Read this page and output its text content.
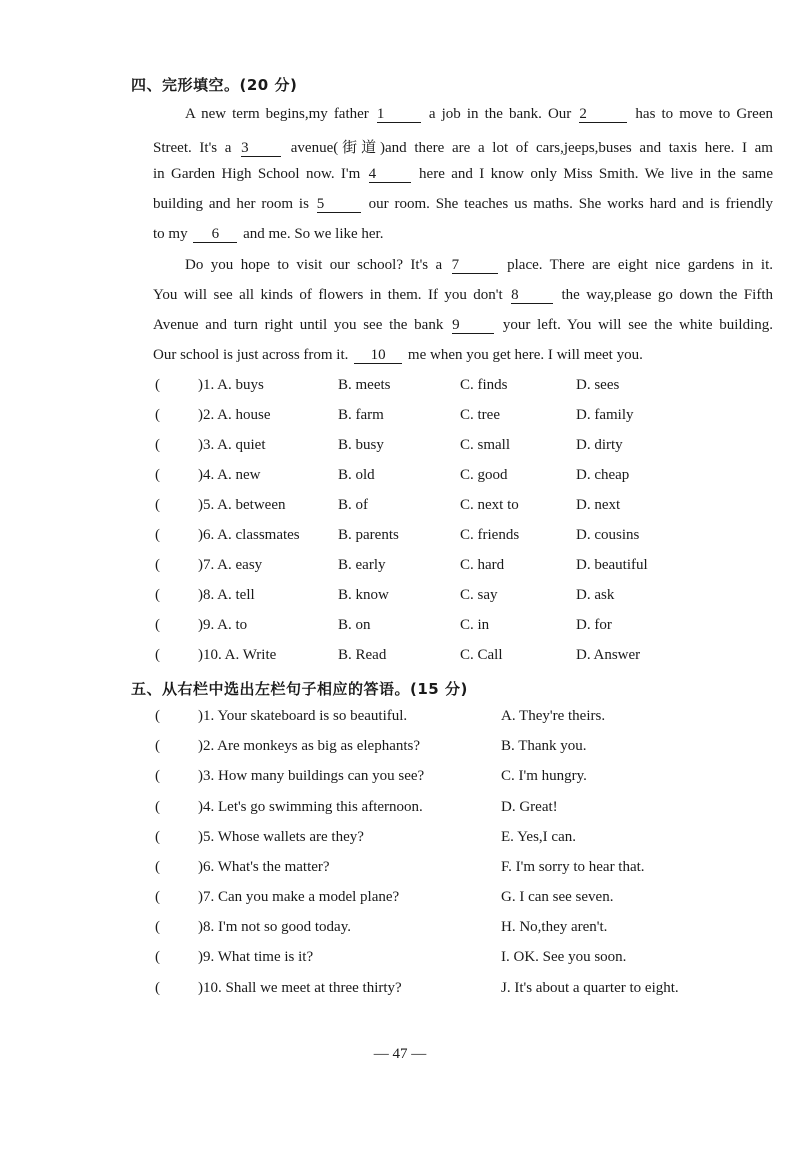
四、完形填空。(20 分)
A new term begins,my father 1	a job in the bank. Our 2	has to move to Green
Street. It's a 3 avenue(街道)and there are a lot of cars,jeeps,buses and taxis here. I am
in Garden High School now. I'm 4 here and I know only Miss Smith. We live in the same
building and her room is 5	our room. She teaches us maths. She works hard and is friendly
to my 6 and me. So we like her.
Do you hope to visit our school? It's a 7	place. There are eight nice gardens in it.
You will see all kinds of flowers in them. If you don't 8 the way,please go down the Fifth
Avenue and turn right until you see the bank 9 your left. You will see the white building.
Our school is just across from it. 10 me when you get here. I will meet you.
(	)1. A. buys	B. meets	C. finds	D. sees
(	)2. A. house	B. farm	C. tree	D. family
(	)3. A. quiet	B. busy	C. small	D. dirty
(	)4. A. new	B. old	C. good	D. cheap
(	)5. A. between	B. of	C. next to	D. next
(	)6. A. classmates	B. parents	C. friends	D. cousins
(	)7. A. easy	B. early	C. hard	D. beautiful
(	)8. A. tell	B. know	C. say	D. ask
(	)9. A. to	B. on	C. in	D. for
(	)10. A. Write	B. Read	C. Call	D. Answer
五、从右栏中选出左栏句子相应的答语。(15 分)
(	)1. Your skateboard is so beautiful.	A. They're theirs.
(	)2. Are monkeys as big as elephants?	B. Thank you.
(	)3. How many buildings can you see?	C. I'm hungry.
(	)4. Let's go swimming this afternoon.	D. Great!
(	)5. Whose wallets are they?	E. Yes,I can.
(	)6. What's the matter?	F. I'm sorry to hear that.
(	)7. Can you make a model plane?	G. I can see seven.
(	)8. I'm not so good today.	H. No,they aren't.
(	)9. What time is it?	I. OK. See you soon.
(	)10. Shall we meet at three thirty?	J. It's about a quarter to eight.
— 47 —
